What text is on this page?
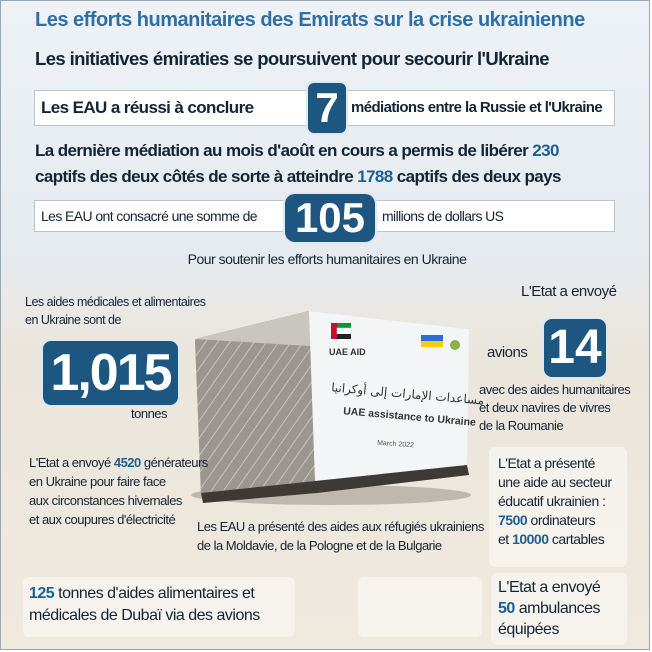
Les efforts humanitaires des Emirats sur la crise ukrainienne
Les initiatives émiraties se poursuivent pour secourir l'Ukraine
Les EAU a réussi à conclure	médiations entre la Russie et l'Ukraine
7
La dernière médiation au mois d'août en cours a permis de libérer 230
captifs des deux côtés de sorte à atteindre 1788 captifs des deux pays
Les EAU ont consacré une somme de	millions de dollars US
105
Pour soutenir les efforts humanitaires en Ukraine
UAE AID
مساعدات الإمارات إلى أوكرانيا
UAE assistance to Ukraine
March 2022
Les aides médicales et alimentaires
en Ukraine sont de
1,015
tonnes
L'Etat a envoyé
avions 14
avec des aides humanitaires
et deux navires de vivres
de la Roumanie
L'Etat a envoyé 4520 générateurs
en Ukraine pour faire face
aux circonstances hivernales
et aux coupures d'électricité	Les EAU a présenté des aides aux réfugiés ukrainiens
de la Moldavie, de la Pologne et de la Bulgarie
L'Etat a présenté
une aide au secteur
éducatif ukrainien :
7500 ordinateurs
et 10000 cartables
125 tonnes d'aides alimentaires et
médicales de Dubaï via des avions
L'Etat a envoyé
50 ambulances
équipées
